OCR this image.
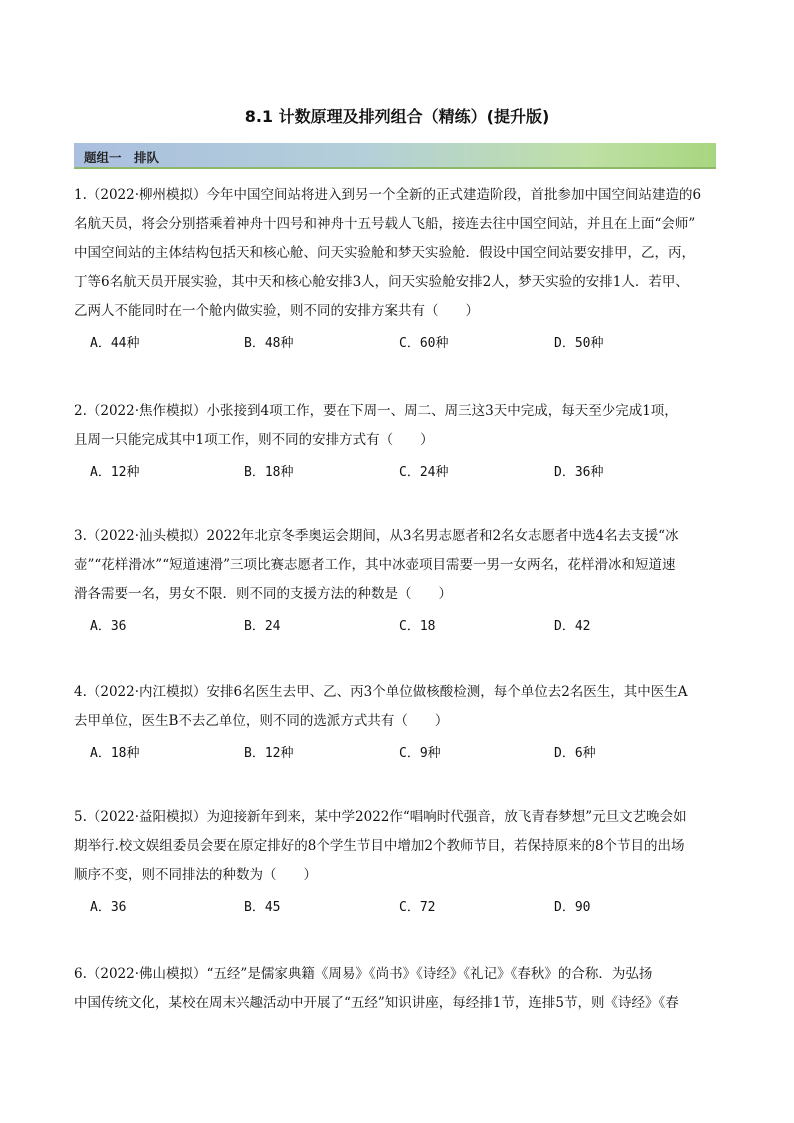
8.1 计数原理及排列组合（精练）(提升版)
题组一　排队

1.（2022·柳州模拟）今年中国空间站将进入到另一个全新的正式建造阶段，首批参加中国空间站建造的6

名航天员，将会分别搭乘着神舟十四号和神舟十五号载人飞船，接连去往中国空间站，并且在上面“会师”

中国空间站的主体结构包括天和核心舱、问天实验舱和梦天实验舱．假设中国空间站要安排甲，乙，丙，

丁等6名航天员开展实验，其中天和核心舱安排3人，问天实验舱安排2人，梦天实验的安排1人．若甲、

乙两人不能同时在一个舱内做实验，则不同的安排方案共有（　　）

A．44种	B．48种	C．60种	D．50种

2.（2022·焦作模拟）小张接到4项工作，要在下周一、周二、周三这3天中完成，每天至少完成1项，

且周一只能完成其中1项工作，则不同的安排方式有（　　）

A．12种	B．18种	C．24种	D．36种

3.（2022·汕头模拟）2022年北京冬季奥运会期间，从3名男志愿者和2名女志愿者中选4名去支援“冰

壶”“花样滑冰”“短道速滑”三项比赛志愿者工作，其中冰壶项目需要一男一女两名，花样滑冰和短道速

滑各需要一名，男女不限．则不同的支援方法的种数是（　　）

A．36	B．24	C．18	D．42

4.（2022·内江模拟）安排6名医生去甲、乙、丙3个单位做核酸检测，每个单位去2名医生，其中医生A

去甲单位，医生B不去乙单位，则不同的选派方式共有（　　）

A．18种	B．12种	C．9种	D．6种

5.（2022·益阳模拟）为迎接新年到来，某中学2022作“唱响时代强音，放飞青春梦想”元旦文艺晚会如

期举行.校文娱组委员会要在原定排好的8个学生节目中增加2个教师节目，若保持原来的8个节目的出场

顺序不变，则不同排法的种数为（　　）

A．36	B．45	C．72	D．90

6.（2022·佛山模拟）“五经”是儒家典籍《周易》《尚书》《诗经》《礼记》《春秋》的合称．为弘扬

中国传统文化，某校在周末兴趣活动中开展了“五经”知识讲座，每经排1节，连排5节，则《诗经》《春
